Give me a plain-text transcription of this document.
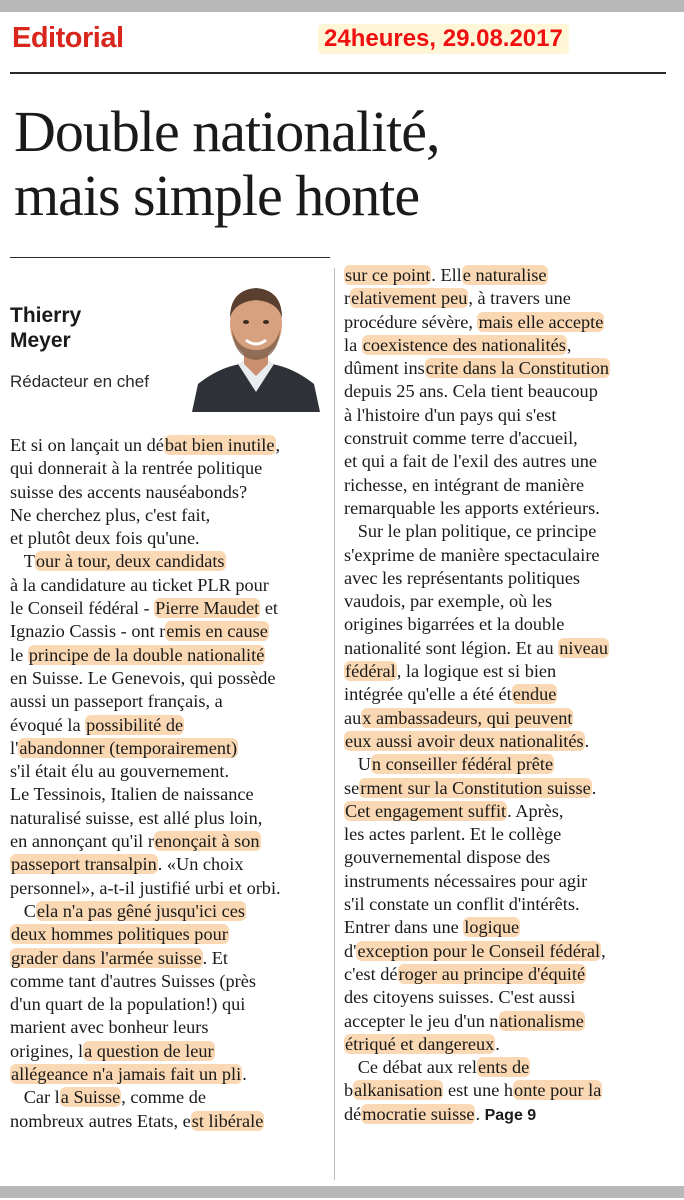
Editorial	24heures, 29.08.2017
Double nationalité,
mais simple honte
Thierry
Meyer
Rédacteur en chef
Et si on lançait un débat bien inutile,
qui donnerait à la rentrée politique
suisse des accents nauséabonds?
Ne cherchez plus, c'est fait,
et plutôt deux fois qu'une.
Tour à tour, deux candidats
à la candidature au ticket PLR pour
le Conseil fédéral - Pierre Maudet et
Ignazio Cassis - ont remis en cause
le principe de la double nationalité
en Suisse. Le Genevois, qui possède
aussi un passeport français, a
évoqué la possibilité de
l'abandonner (temporairement)
s'il était élu au gouvernement.
Le Tessinois, Italien de naissance
naturalisé suisse, est allé plus loin,
en annonçant qu'il renonçait à son
passeport transalpin. «Un choix
personnel», a-t-il justifié urbi et orbi.
Cela n'a pas gêné jusqu'ici ces
deux hommes politiques pour
grader dans l'armée suisse. Et
comme tant d'autres Suisses (près
d'un quart de la population!) qui
marient avec bonheur leurs
origines, la question de leur
allégeance n'a jamais fait un pli.
Car la Suisse, comme de
nombreux autres Etats, est libérale
sur ce point. Elle naturalise
relativement peu, à travers une
procédure sévère, mais elle accepte
la coexistence des nationalités,
dûment inscrite dans la Constitution
depuis 25 ans. Cela tient beaucoup
à l'histoire d'un pays qui s'est
construit comme terre d'accueil,
et qui a fait de l'exil des autres une
richesse, en intégrant de manière
remarquable les apports extérieurs.
Sur le plan politique, ce principe
s'exprime de manière spectaculaire
avec les représentants politiques
vaudois, par exemple, où les
origines bigarrées et la double
nationalité sont légion. Et au niveau
fédéral, la logique est si bien
intégrée qu'elle a été étendue
aux ambassadeurs, qui peuvent
eux aussi avoir deux nationalités.
Un conseiller fédéral prête
serment sur la Constitution suisse.
Cet engagement suffit. Après,
les actes parlent. Et le collège
gouvernemental dispose des
instruments nécessaires pour agir
s'il constate un conflit d'intérêts.
Entrer dans une logique
d'exception pour le Conseil fédéral,
c'est déroger au principe d'équité
des citoyens suisses. C'est aussi
accepter le jeu d'un nationalisme
étriqué et dangereux.
Ce débat aux relents de
balkanisation est une honte pour la
démocratie suisse. Page 9
